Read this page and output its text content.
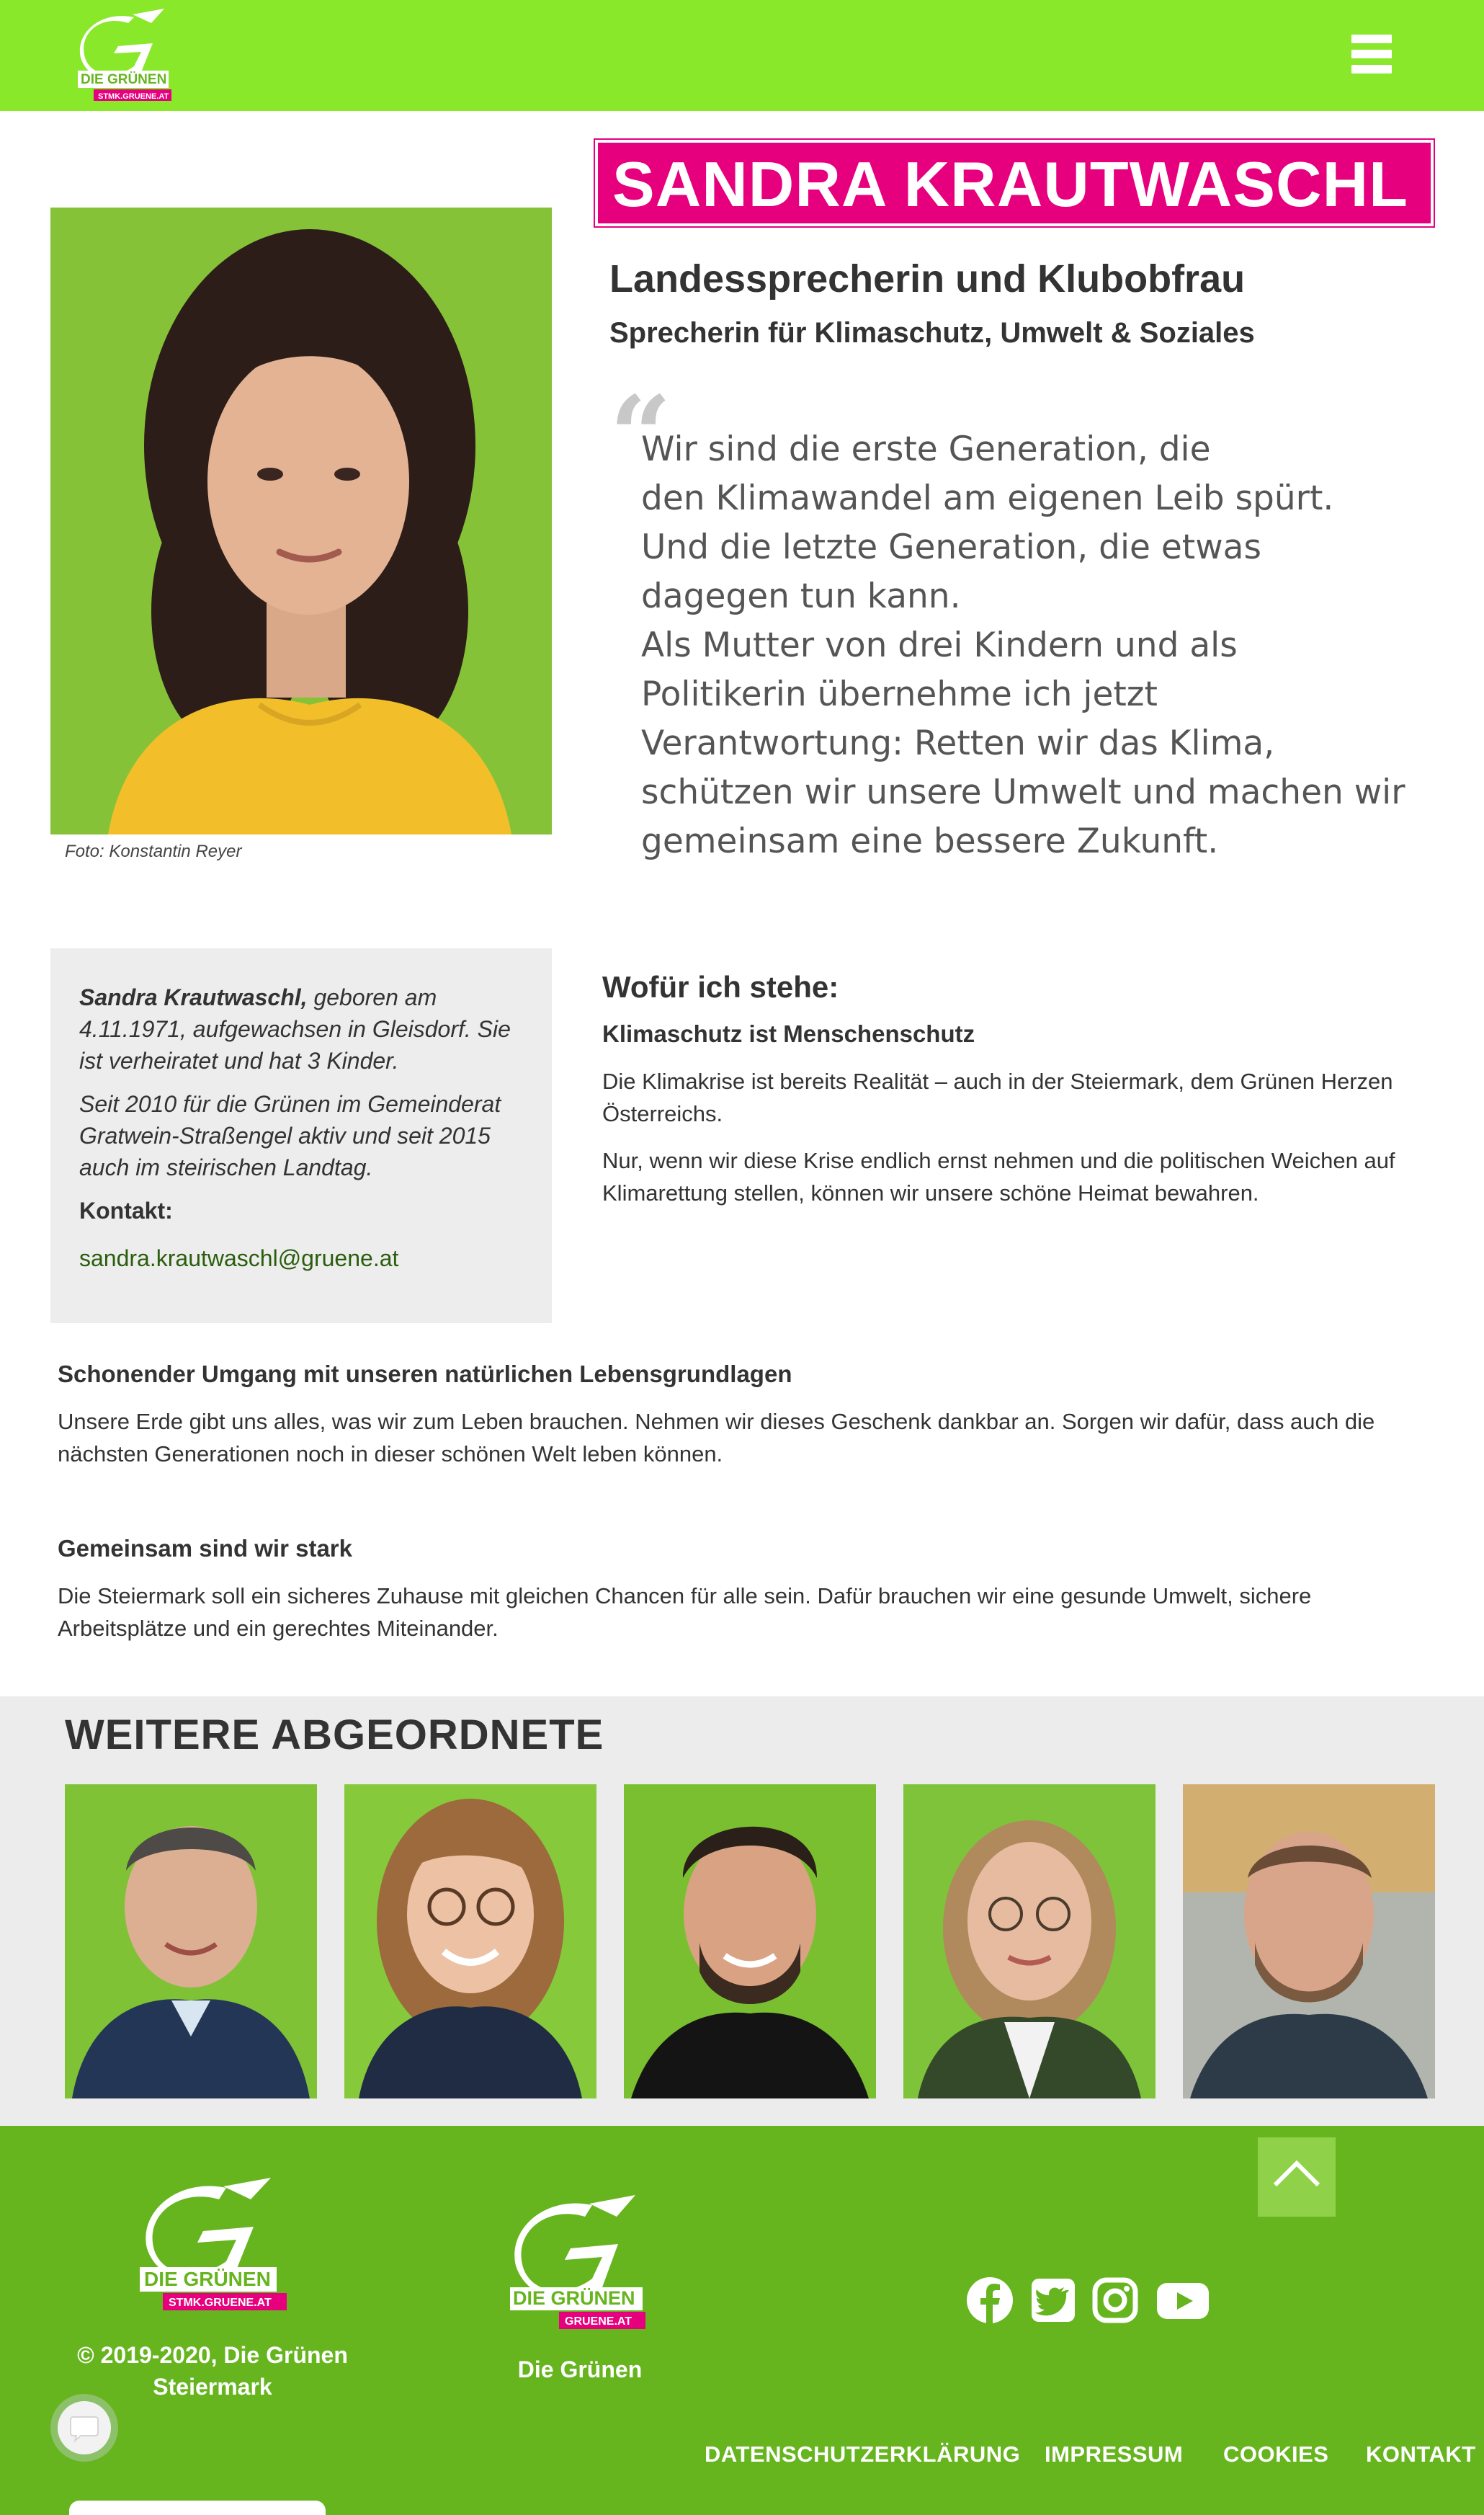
DIE GRÜNEN
STMK.GRUENE.AT
Foto: Konstantin Reyer
SANDRA KRAUTWASCHL
Landessprecherin und Klubobfrau
Sprecherin für Klimaschutz, Umwelt & Soziales
“
Wir sind die erste Generation, die
den Klimawandel am eigenen Leib spürt.
Und die letzte Generation, die etwas
dagegen tun kann.
Als Mutter von drei Kindern und als
Politikerin übernehme ich jetzt
Verantwortung: Retten wir das Klima,
schützen wir unsere Umwelt und machen wir
gemeinsam eine bessere Zukunft.

Sandra Krautwaschl, geboren am 4.11.1971, aufgewachsen in Gleisdorf. Sie ist verheiratet und hat 3 Kinder.

Seit 2010 für die Grünen im Gemeinderat Gratwein-Straßengel aktiv und seit 2015 auch im steirischen Landtag.

Kontakt:

sandra.krautwaschl@gruene.at
Wofür ich stehe:
Klimaschutz ist Menschenschutz

Die Klimakrise ist bereits Realität – auch in der Steiermark, dem Grünen Herzen Österreichs.

Nur, wenn wir diese Krise endlich ernst nehmen und die politischen Weichen auf Klimarettung stellen, können wir unsere schöne Heimat bewahren.

Schonender Umgang mit unseren natürlichen Lebensgrundlagen

Unsere Erde gibt uns alles, was wir zum Leben brauchen. Nehmen wir dieses Geschenk dankbar an. Sorgen wir dafür, dass auch die nächsten Generationen noch in dieser schönen Welt leben können.

Gemeinsam sind wir stark

Die Steiermark soll ein sicheres Zuhause mit gleichen Chancen für alle sein. Dafür brauchen wir eine gesunde Umwelt, sichere Arbeitsplätze und ein gerechtes Miteinander.

WEITERE ABGEORDNETE
DIE GRÜNEN
STMK.GRUENE.AT	DIE GRÜNEN
GRUENE.AT
© 2019-2020, Die Grünen Steiermark
Die Grünen
DATENSCHUTZERKLÄRUNG IMPRESSUM COOKIES KONTAKT
